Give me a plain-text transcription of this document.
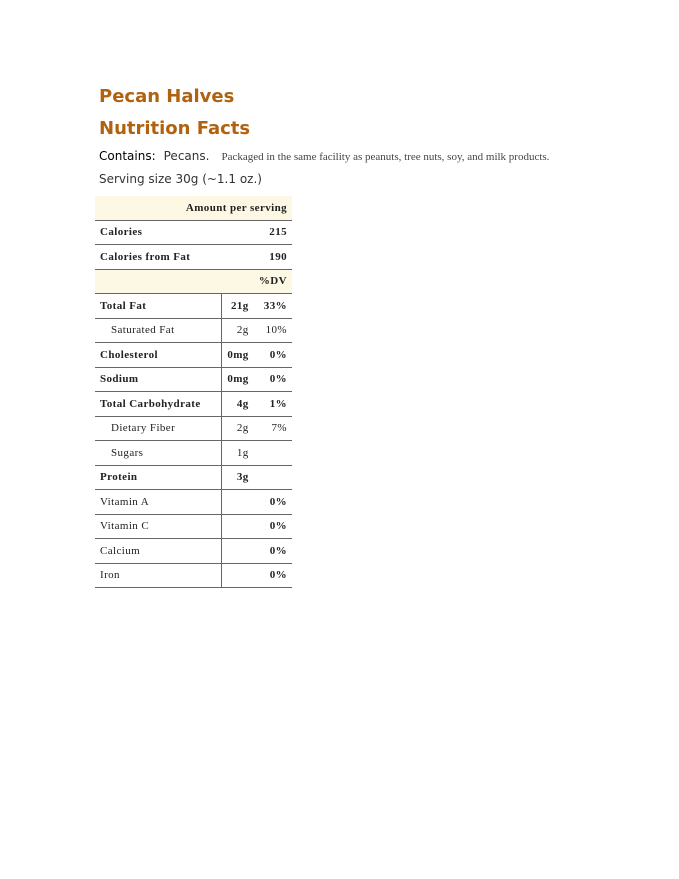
Pecan Halves
Nutrition Facts
Contains: Pecans. Packaged in the same facility as peanuts, tree nuts, soy, and milk products.
Serving size 30g (~1.1 oz.)
Amount per serving		
Calories	215	
Calories from Fat	190	
%DV		
Total Fat	21g	33%
Saturated Fat	2g	10%
Cholesterol	0mg	0%
Sodium	0mg	0%
Total Carbohydrate	4g	1%
Dietary Fiber	2g	7%
Sugars	1g	
Protein	3g	
Vitamin A		0%
Vitamin C		0%
Calcium		0%
Iron		0%
